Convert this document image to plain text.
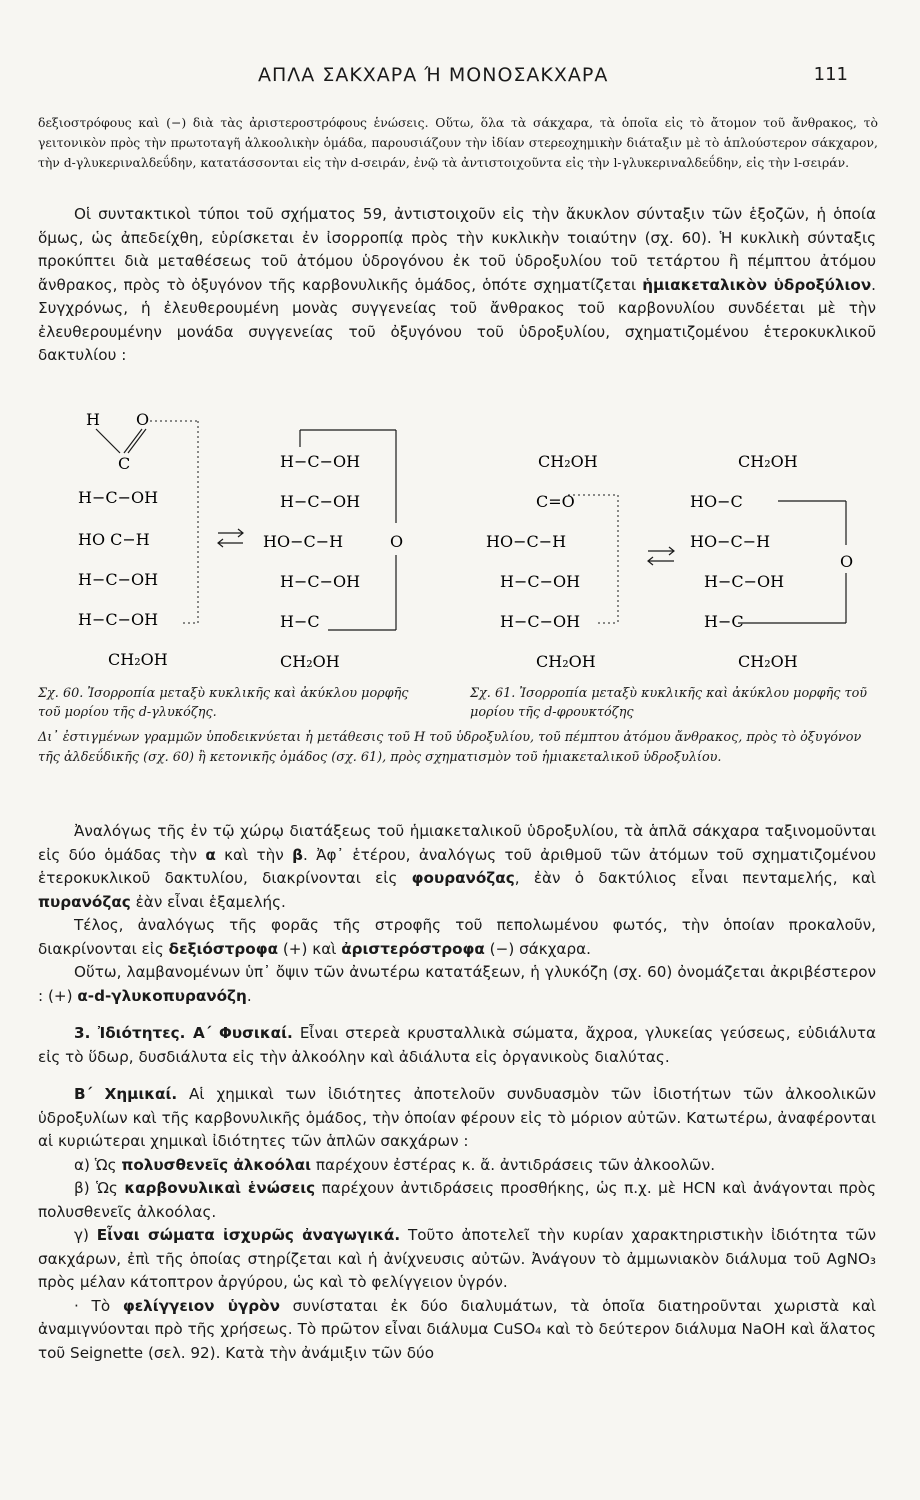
ΑΠΛΑ ΣΑΚΧΑΡΑ Ή ΜΟΝΟΣΑΚΧΑΡΑ	111
δεξιοστρόφους καὶ (−) διὰ τὰς ἀριστεροστρόφους ἑνώσεις. Οὕτω, ὅλα τὰ σάκχαρα, τὰ ὁποῖα εἰς τὸ ἄτομον τοῦ ἄνθρακος, τὸ γειτονικὸν πρὸς τὴν πρωτοταγῆ ἀλκοολικὴν ὁμάδα, παρουσιάζουν τὴν ἰδίαν στερεοχημικὴν διάταξιν μὲ τὸ ἁπλούστερον σάκχαρον, τὴν d-γλυκεριναλδεΰδην, κατατάσσονται εἰς τὴν d-σειράν, ἐνῷ τὰ ἀντιστοιχοῦντα εἰς τὴν l-γλυκεριναλδεΰδην, εἰς τὴν l-σειράν.

Οἱ συντακτικοὶ τύποι τοῦ σχήματος 59, ἀντιστοιχοῦν εἰς τὴν ἄκυκλον σύνταξιν τῶν ἑξοζῶν, ἡ ὁποία ὅμως, ὡς ἀπεδείχθη, εὑρίσκεται ἐν ἰσορροπίᾳ πρὸς τὴν κυκλικὴν τοιαύτην (σχ. 60). Ἡ κυκλικὴ σύνταξις προκύπτει διὰ μεταθέσεως τοῦ ἀτόμου ὑδρογόνου ἐκ τοῦ ὑδροξυλίου τοῦ τετάρτου ἢ πέμπτου ἀτόμου ἄνθρακος, πρὸς τὸ ὀξυγόνον τῆς καρβονυλικῆς ὁμάδος, ὁπότε σχηματίζεται ἡμιακεταλικὸν ὑδροξύλιον. Συγχρόνως, ἡ ἐλευθερουμένη μονὰς συγγενείας τοῦ ἄνθρακος τοῦ καρβονυλίου συνδέεται μὲ τὴν ἐλευθερουμένην μονάδα συγγενείας τοῦ ὀξυγόνου τοῦ ὑδροξυλίου, σχηματιζομένου ἑτεροκυκλικοῦ δακτυλίου :

H O
C
H−C−OH
HO C−H
H−C−OH
H−C−OH
CH₂OH
H−C−OH
H−C−OH
HO−C−H	O
H−C−OH
H−C
CH₂OH
CH₂OH
C=O
HO−C−H
H−C−OH
H−C−OH
CH₂OH
CH₂OH
HO−C
HO−C−H
O
H−C−OH
H−C
CH₂OH
Σχ. 60. Ἰσορροπία μεταξὺ κυκλικῆς καὶ ἀκύκλου μορφῆς τοῦ μορίου τῆς d-γλυκόζης.
Σχ. 61. Ἰσορροπία μεταξὺ κυκλικῆς καὶ ἀκύκλου μορφῆς τοῦ μορίου τῆς d-φρουκτόζης
Δι᾽ ἐστιγμένων γραμμῶν ὑποδεικνύεται ἡ μετάθεσις τοῦ Η τοῦ ὑδροξυλίου, τοῦ πέμπτου ἀτόμου ἄνθρακος, πρὸς τὸ ὀξυγόνον τῆς ἀλδεΰδικῆς (σχ. 60) ἢ κετονικῆς ὁμάδος (σχ. 61), πρὸς σχηματισμὸν τοῦ ἡμιακεταλικοῦ ὑδροξυλίου.

Ἀναλόγως τῆς ἐν τῷ χώρῳ διατάξεως τοῦ ἡμιακεταλικοῦ ὑδροξυλίου, τὰ ἁπλᾶ σάκχαρα ταξινομοῦνται εἰς δύο ὁμάδας τὴν α καὶ τὴν β. Ἀφ᾽ ἑτέρου, ἀναλόγως τοῦ ἀριθμοῦ τῶν ἀτόμων τοῦ σχηματιζομένου ἑτεροκυκλικοῦ δακτυλίου, διακρίνονται εἰς φουρανόζας, ἐὰν ὁ δακτύλιος εἶναι πενταμελής, καὶ πυρανόζας ἐὰν εἶναι ἑξαμελής.

Τέλος, ἀναλόγως τῆς φορᾶς τῆς στροφῆς τοῦ πεπολωμένου φωτός, τὴν ὁποίαν προκαλοῦν, διακρίνονται εἰς δεξιόστροφα (+) καὶ ἀριστερόστροφα (−) σάκχαρα.

Οὕτω, λαμβανομένων ὑπ᾽ ὄψιν τῶν ἀνωτέρω κατατάξεων, ἡ γλυκόζη (σχ. 60) ὀνομάζεται ἀκριβέστερον : (+) α-d-γλυκοπυρανόζη.

3. Ἰδιότητες. Α΄ Φυσικαί. Εἶναι στερεὰ κρυσταλλικὰ σώματα, ἄχροα, γλυκείας γεύσεως, εὐδιάλυτα εἰς τὸ ὕδωρ, δυσδιάλυτα εἰς τὴν ἀλκοόλην καὶ ἀδιάλυτα εἰς ὀργανικοὺς διαλύτας.

Β΄ Χημικαί. Αἱ χημικαὶ των ἰδιότητες ἀποτελοῦν συνδυασμὸν τῶν ἰδιοτήτων τῶν ἀλκοολικῶν ὑδροξυλίων καὶ τῆς καρβονυλικῆς ὁμάδος, τὴν ὁποίαν φέρουν εἰς τὸ μόριον αὐτῶν. Κατωτέρω, ἀναφέρονται αἱ κυριώτεραι χημικαὶ ἰδιότητες τῶν ἁπλῶν σακχάρων :

α) Ὡς πολυσθενεῖς ἀλκοόλαι παρέχουν ἐστέρας κ. ἄ. ἀντιδράσεις τῶν ἀλκοολῶν.

β) Ὡς καρβονυλικαὶ ἑνώσεις παρέχουν ἀντιδράσεις προσθήκης, ὡς π.χ. μὲ HCN καὶ ἀνάγονται πρὸς πολυσθενεῖς ἀλκοόλας.

γ) Εἶναι σώματα ἰσχυρῶς ἀναγωγικά. Τοῦτο ἀποτελεῖ τὴν κυρίαν χαρακτηριστικὴν ἰδιότητα τῶν σακχάρων, ἐπὶ τῆς ὁποίας στηρίζεται καὶ ἡ ἀνίχνευσις αὐτῶν. Ἀνάγουν τὸ ἀμμωνιακὸν διάλυμα τοῦ AgNO₃ πρὸς μέλαν κάτοπτρον ἀργύρου, ὡς καὶ τὸ φελίγγειον ὑγρόν.

· Τὸ φελίγγειον ὑγρὸν συνίσταται ἐκ δύο διαλυμάτων, τὰ ὁποῖα διατηροῦνται χωριστὰ καὶ ἀναμιγνύονται πρὸ τῆς χρήσεως. Τὸ πρῶτον εἶναι διάλυμα CuSO₄ καὶ τὸ δεύτερον διάλυμα NaOH καὶ ἅλατος τοῦ Seignette (σελ. 92). Κατὰ τὴν ἀνάμιξιν τῶν δύο
